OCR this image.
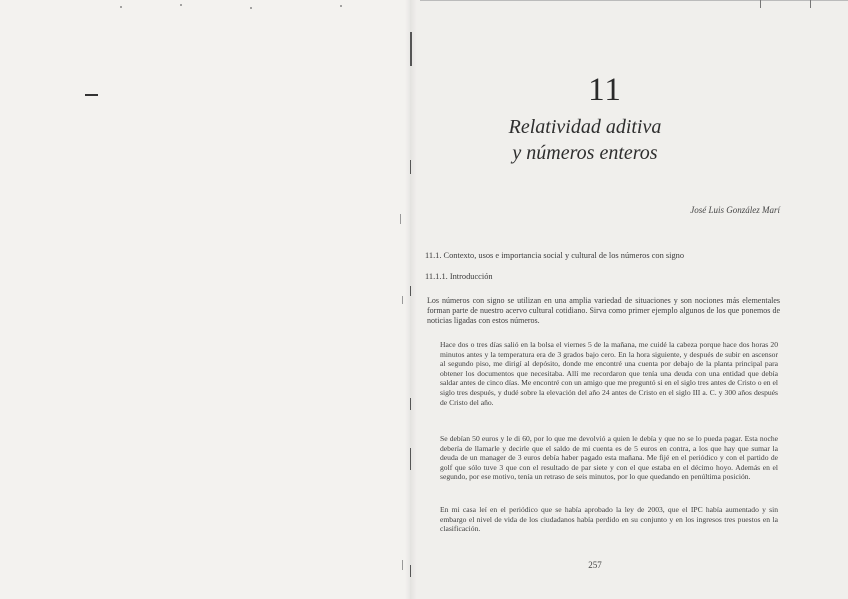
11
Relatividad aditiva
y números enteros
José Luis González Marí
11.1. Contexto, usos e importancia social y cultural de los números con signo
11.1.1. Introducción
Los números con signo se utilizan en una amplia variedad de situaciones y son nociones más elementales forman parte de nuestro acervo cultural cotidiano. Sirva como primer ejemplo algunos de los que ponemos de noticias ligadas con estos números.
Hace dos o tres días salió en la bolsa el viernes 5 de la mañana, me cuidé la cabeza porque hace dos horas 20 minutos antes y la temperatura era de 3 grados bajo cero. En la hora siguiente, y después de subir en ascensor al segundo piso, me dirigí al depósito, donde me encontré una cuenta por debajo de la planta principal para obtener los documentos que necesitaba. Allí me recordaron que tenía una deuda con una entidad que debía saldar antes de cinco días. Me encontré con un amigo que me preguntó si en el siglo tres antes de Cristo o en el siglo tres después, y dudé sobre la elevación del año 24 antes de Cristo en el siglo III a. C. y 300 años después de Cristo del año.
Se debían 50 euros y le di 60, por lo que me devolvió a quien le debía y que no se lo pueda pagar. Esta noche debería de llamarle y decirle que el saldo de mi cuenta es de 5 euros en contra, a los que hay que sumar la deuda de un manager de 3 euros debía haber pagado esta mañana. Me fijé en el periódico y con el partido de golf que sólo tuve 3 que con el resultado de par siete y con el que estaba en el décimo hoyo. Además en el segundo, por ese motivo, tenía un retraso de seis minutos, por lo que quedando en penúltima posición.
En mi casa leí en el periódico que se había aprobado la ley de 2003, que el IPC había aumentado y sin embargo el nivel de vida de los ciudadanos había perdido en su conjunto y en los ingresos tres puestos en la clasificación.
257
